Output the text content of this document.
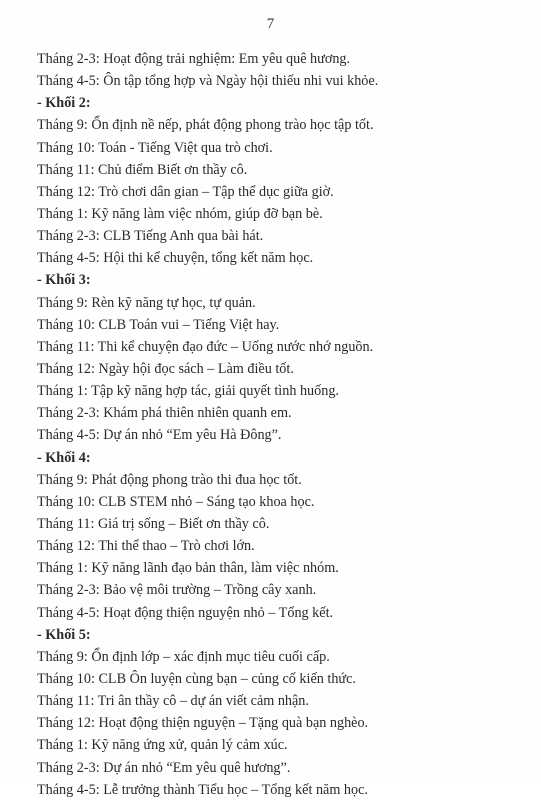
7
Tháng 2-3: Hoạt động trải nghiệm: Em yêu quê hương.
Tháng 4-5: Ôn tập tổng hợp và Ngày hội thiếu nhi vui khỏe.
- Khối 2:
Tháng 9: Ổn định nề nếp, phát động phong trào học tập tốt.
Tháng 10: Toán - Tiếng Việt qua trò chơi.
Tháng 11: Chủ điểm Biết ơn thầy cô.
Tháng 12: Trò chơi dân gian – Tập thể dục giữa giờ.
Tháng 1: Kỹ năng làm việc nhóm, giúp đỡ bạn bè.
Tháng 2-3: CLB Tiếng Anh qua bài hát.
Tháng 4-5: Hội thi kể chuyện, tổng kết năm học.
- Khối 3:
Tháng 9: Rèn kỹ năng tự học, tự quản.
Tháng 10: CLB Toán vui – Tiếng Việt hay.
Tháng 11: Thi kể chuyện đạo đức – Uống nước nhớ nguồn.
Tháng 12: Ngày hội đọc sách – Làm điều tốt.
Tháng 1: Tập kỹ năng hợp tác, giải quyết tình huống.
Tháng 2-3: Khám phá thiên nhiên quanh em.
Tháng 4-5: Dự án nhỏ “Em yêu Hà Đông”.
- Khối 4:
Tháng 9: Phát động phong trào thi đua học tốt.
Tháng 10: CLB STEM nhỏ – Sáng tạo khoa học.
Tháng 11: Giá trị sống – Biết ơn thầy cô.
Tháng 12: Thi thể thao – Trò chơi lớn.
Tháng 1: Kỹ năng lãnh đạo bản thân, làm việc nhóm.
Tháng 2-3: Bảo vệ môi trường – Trồng cây xanh.
Tháng 4-5: Hoạt động thiện nguyện nhỏ – Tổng kết.
- Khối 5:
Tháng 9: Ổn định lớp – xác định mục tiêu cuối cấp.
Tháng 10: CLB Ôn luyện cùng bạn – củng cố kiến thức.
Tháng 11: Tri ân thầy cô – dự án viết cảm nhận.
Tháng 12: Hoạt động thiện nguyện – Tặng quà bạn nghèo.
Tháng 1: Kỹ năng ứng xử, quản lý cảm xúc.
Tháng 2-3: Dự án nhỏ “Em yêu quê hương”.
Tháng 4-5: Lễ trưởng thành Tiểu học – Tổng kết năm học.
